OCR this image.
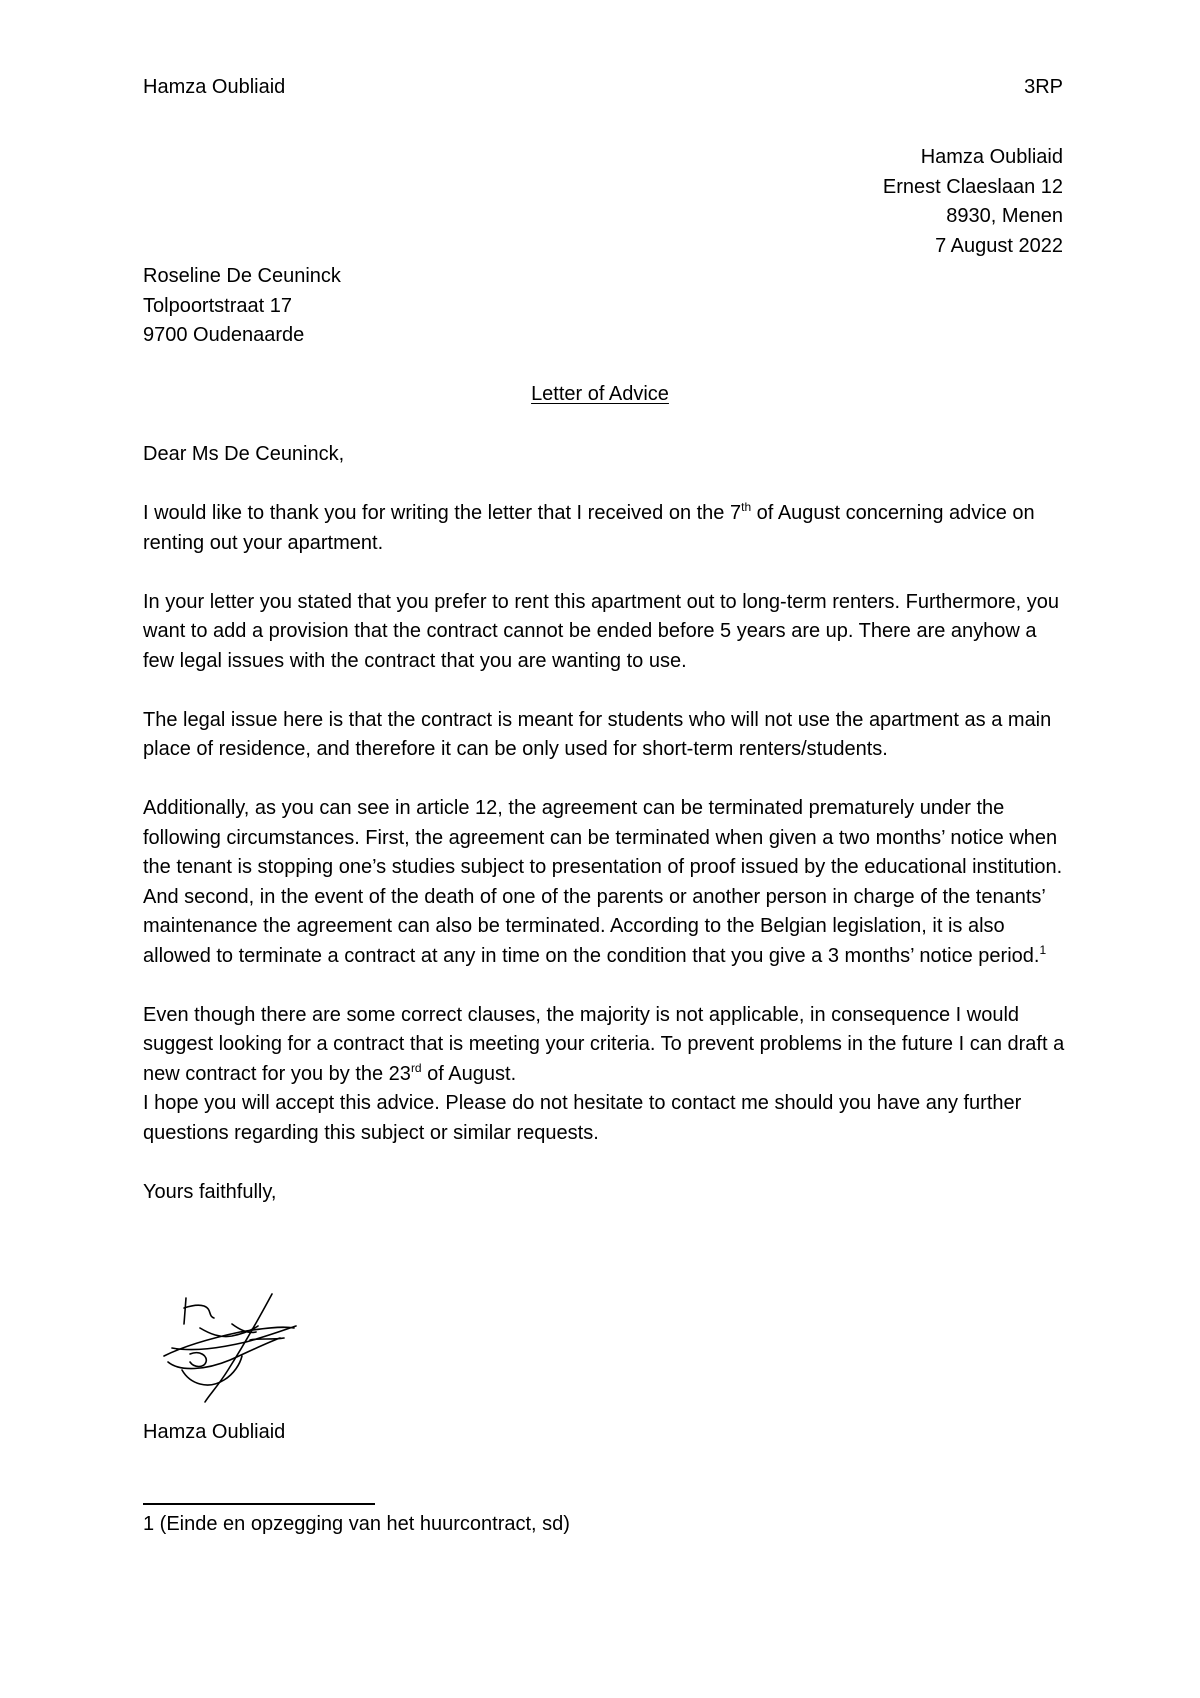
Hamza Oubliaid	3RP
Hamza Oubliaid
Ernest Claeslaan 12
8930, Menen
7 August 2022
Roseline De Ceuninck
Tolpoortstraat 17
9700 Oudenaarde
Letter of Advice

Dear Ms De Ceuninck,

I would like to thank you for writing the letter that I received on the 7th of August concerning advice on renting out your apartment.

In your letter you stated that you prefer to rent this apartment out to long-term renters. Furthermore, you want to add a provision that the contract cannot be ended before 5 years are up. There are anyhow a few legal issues with the contract that you are wanting to use.

The legal issue here is that the contract is meant for students who will not use the apartment as a main place of residence, and therefore it can be only used for short-term renters/students.

Additionally, as you can see in article 12, the agreement can be terminated prematurely under the following circumstances. First, the agreement can be terminated when given a two months’ notice when the tenant is stopping one’s studies subject to presentation of proof issued by the educational institution. And second, in the event of the death of one of the parents or another person in charge of the tenants’ maintenance the agreement can also be terminated. According to the Belgian legislation, it is also allowed to terminate a contract at any in time on the condition that you give a 3 months’ notice period.$^1$

Even though there are some correct clauses, the majority is not applicable, in consequence I would suggest looking for a contract that is meeting your criteria. To prevent problems in the future I can draft a new contract for you by the 23rd of August.

I hope you will accept this advice. Please do not hesitate to contact me should you have any further questions regarding this subject or similar requests.

Yours faithfully,

Hamza Oubliaid
1 (Einde en opzegging van het huurcontract, sd)
